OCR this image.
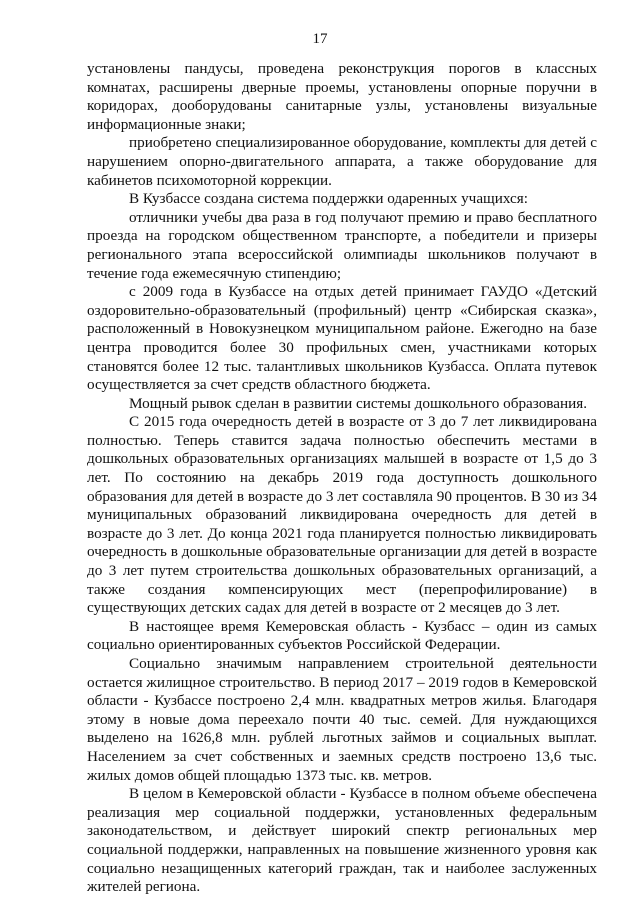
17

установлены пандусы, проведена реконструкция порогов в классных комнатах, расширены дверные проемы, установлены опорные поручни в коридорах, дооборудованы санитарные узлы, установлены визуальные информационные знаки;

приобретено специализированное оборудование, комплекты для детей с нарушением опорно-двигательного аппарата, а также оборудование для кабинетов психомоторной коррекции.

В Кузбассе создана система поддержки одаренных учащихся:

отличники учебы два раза в год получают премию и право бесплатного проезда на городском общественном транспорте, а победители и призеры регионального этапа всероссийской олимпиады школьников получают в течение года ежемесячную стипендию;

с 2009 года в Кузбассе на отдых детей принимает ГАУДО «Детский оздоровительно-образовательный (профильный) центр «Сибирская сказка», расположенный в Новокузнецком муниципальном районе. Ежегодно на базе центра проводится более 30 профильных смен, участниками которых становятся более 12 тыс. талантливых школьников Кузбасса. Оплата путевок осуществляется за счет средств областного бюджета.

Мощный рывок сделан в развитии системы дошкольного образования.

С 2015 года очередность детей в возрасте от 3 до 7 лет ликвидирована полностью. Теперь ставится задача полностью обеспечить местами в дошкольных образовательных организациях малышей в возрасте от 1,5 до 3 лет. По состоянию на декабрь 2019 года доступность дошкольного образования для детей в возрасте до 3 лет составляла 90 процентов. В 30 из 34 муниципальных образований ликвидирована очередность для детей в возрасте до 3 лет. До конца 2021 года планируется полностью ликвидировать очередность в дошкольные образовательные организации для детей в возрасте до 3 лет путем строительства дошкольных образовательных организаций, а также создания компенсирующих мест (перепрофилирование) в существующих детских садах для детей в возрасте от 2 месяцев до 3 лет.

В настоящее время Кемеровская область - Кузбасс – один из самых социально ориентированных субъектов Российской Федерации.

Социально значимым направлением строительной деятельности остается жилищное строительство. В период 2017 – 2019 годов в Кемеровской области - Кузбассе построено 2,4 млн. квадратных метров жилья. Благодаря этому в новые дома переехало почти 40 тыс. семей. Для нуждающихся выделено на 1626,8 млн. рублей льготных займов и социальных выплат. Населением за счет собственных и заемных средств построено 13,6 тыс. жилых домов общей площадью 1373 тыс. кв. метров.

В целом в Кемеровской области - Кузбассе в полном объеме обеспечена реализация мер социальной поддержки, установленных федеральным законодательством, и действует широкий спектр региональных мер социальной поддержки, направленных на повышение жизненного уровня как социально незащищенных категорий граждан, так и наиболее заслуженных жителей региона.
